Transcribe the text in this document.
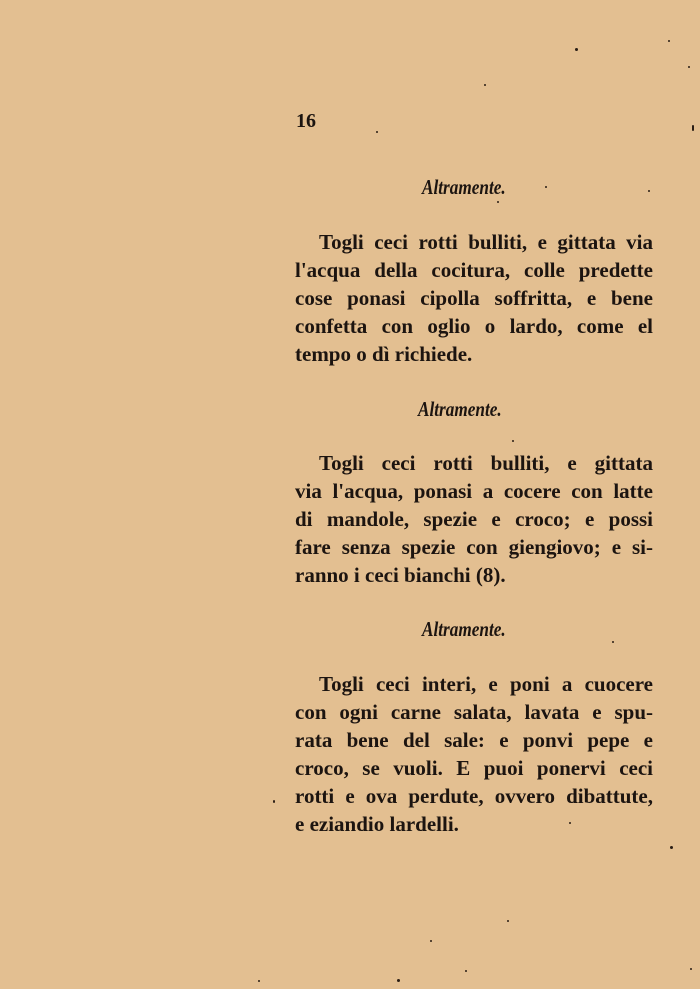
16
Altramente.
Togli ceci rotti bulliti, e gittata via
l'acqua della cocitura, colle predette
cose ponasi cipolla soffritta, e bene
confetta con oglio o lardo, come el
tempo o dì richiede.
Altramente.
Togli ceci rotti bulliti, e gittata
via l'acqua, ponasi a cocere con latte
di mandole, spezie e croco; e possi
fare senza spezie con giengiovo; e si-
ranno i ceci bianchi (8).
Altramente.
Togli ceci interi, e poni a cuocere
con ogni carne salata, lavata e spu-
rata bene del sale: e ponvi pepe e
croco, se vuoli. E puoi ponervi ceci
rotti e ova perdute, ovvero dibattute,
e eziandio lardelli.
